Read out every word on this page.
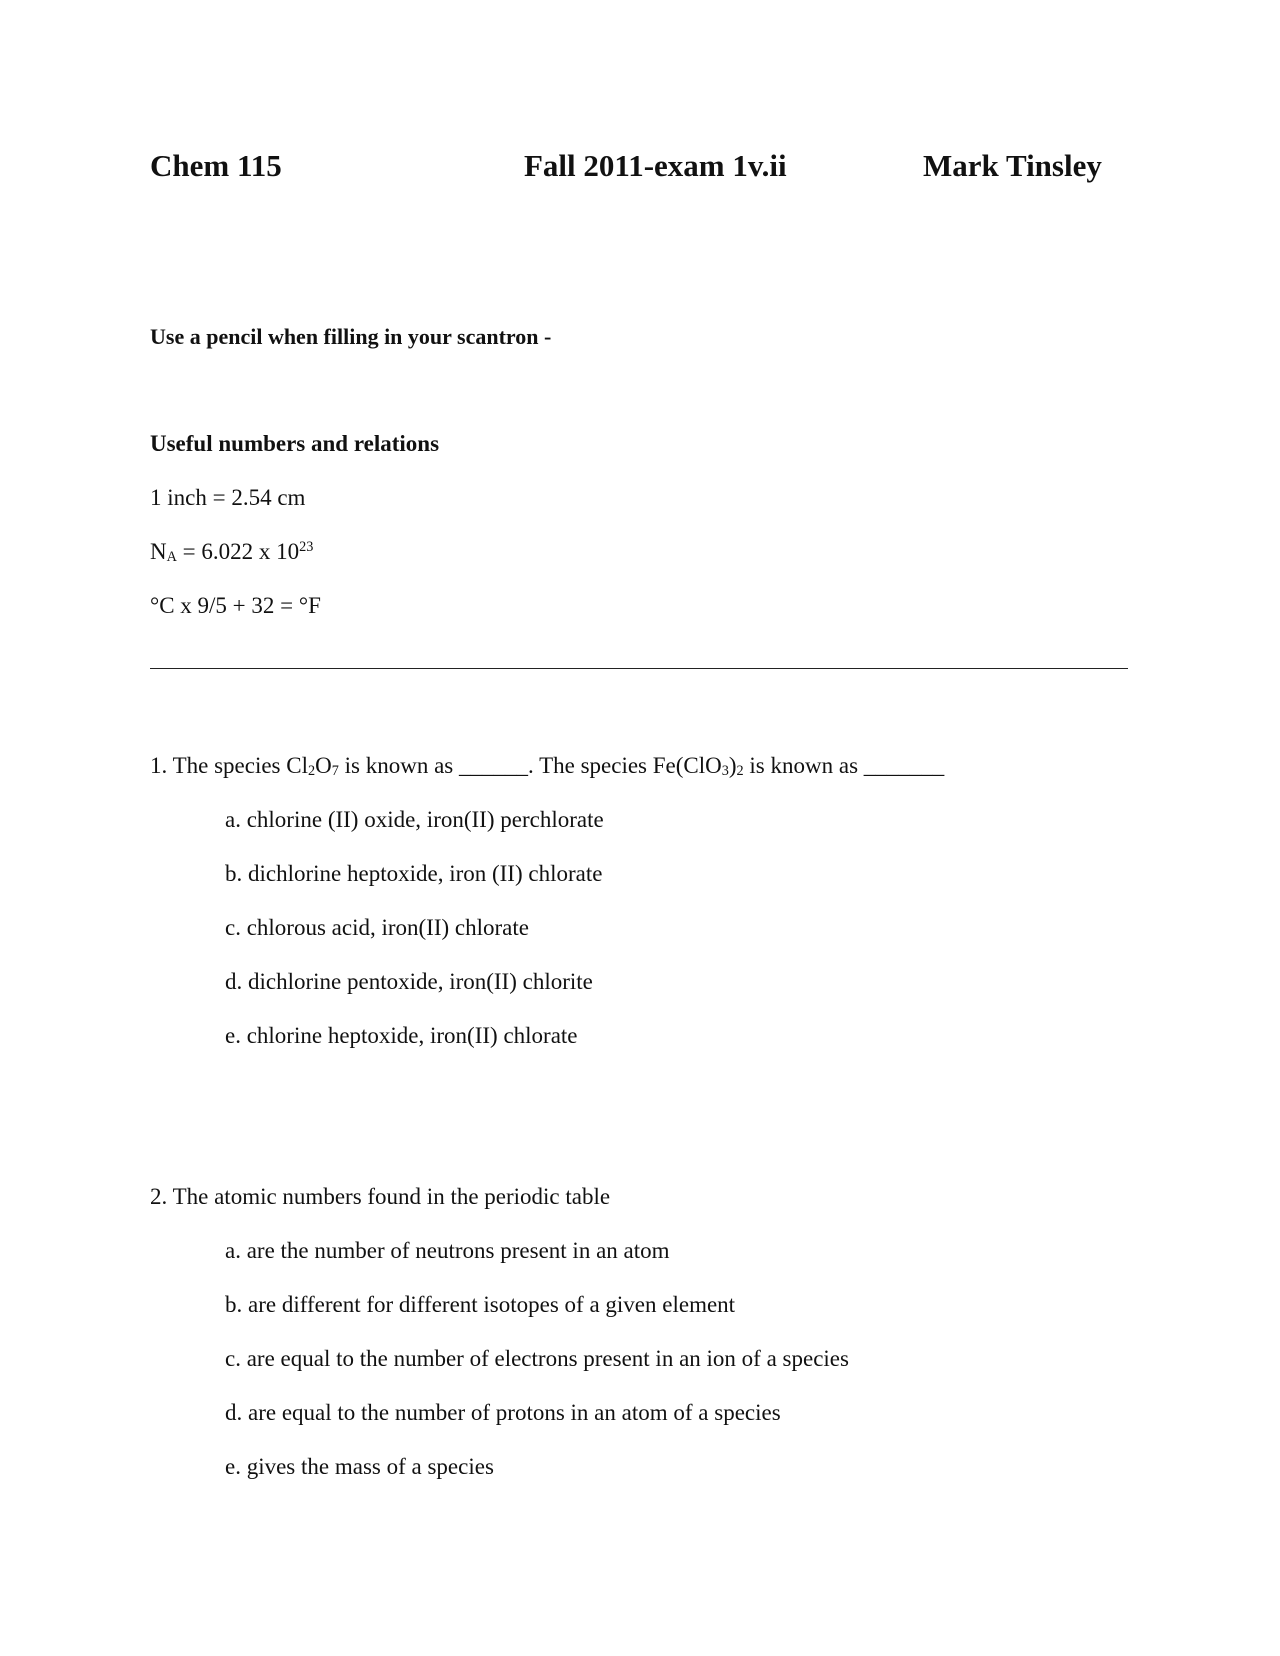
Chem 115	Fall 2011-exam 1v.ii	Mark Tinsley
Use a pencil when filling in your scantron -
Useful numbers and relations
1 inch = 2.54 cm
$N_A = 6.022$ x $10^{23}$
°C x 9/5 + 32 = °F
1. The species $Cl_2O_7$ is known as ______. The species $Fe(ClO_3)_2$ is known as _______
a. chlorine (II) oxide, iron(II) perchlorate
b. dichlorine heptoxide, iron (II) chlorate
c. chlorous acid, iron(II) chlorate
d. dichlorine pentoxide, iron(II) chlorite
e. chlorine heptoxide, iron(II) chlorate
2. The atomic numbers found in the periodic table
a. are the number of neutrons present in an atom
b. are different for different isotopes of a given element
c. are equal to the number of electrons present in an ion of a species
d. are equal to the number of protons in an atom of a species
e. gives the mass of a species
